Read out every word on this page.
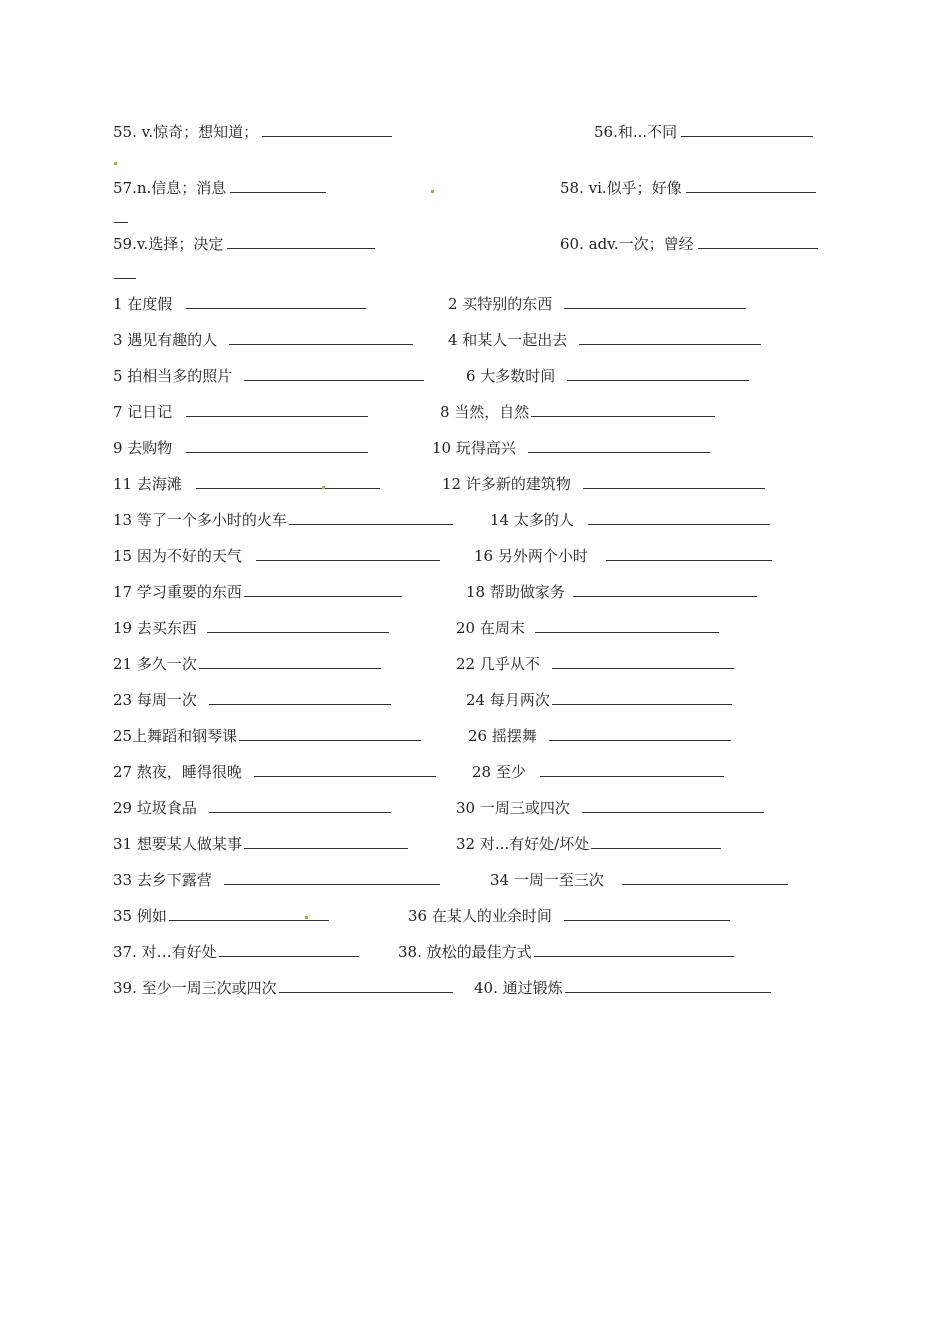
55. v.惊奇；想知道；	56.和...不同
57.n.信息；消息	58. vi.似乎；好像
59.v.选择；决定	60. adv.一次；曾经
1 在度假	2 买特别的东西
3 遇见有趣的人	4 和某人一起出去
5 拍相当多的照片	6 大多数时间
7 记日记	8 当然，自然
9 去购物	10 玩得高兴
11 去海滩	12 许多新的建筑物
13 等了一个多小时的火车	14 太多的人
15 因为不好的天气	16 另外两个小时
17 学习重要的东西	18 帮助做家务
19 去买东西	20 在周末
21 多久一次	22 几乎从不
23 每周一次	24 每月两次
25上舞蹈和钢琴课	26 摇摆舞
27 熬夜，睡得很晚	28 至少
29 垃圾食品	30 一周三或四次
31 想要某人做某事	32 对...有好处/坏处
33 去乡下露营	34 一周一至三次
35 例如	36 在某人的业余时间
37. 对…有好处	38. 放松的最佳方式
39. 至少一周三次或四次	40. 通过锻炼
